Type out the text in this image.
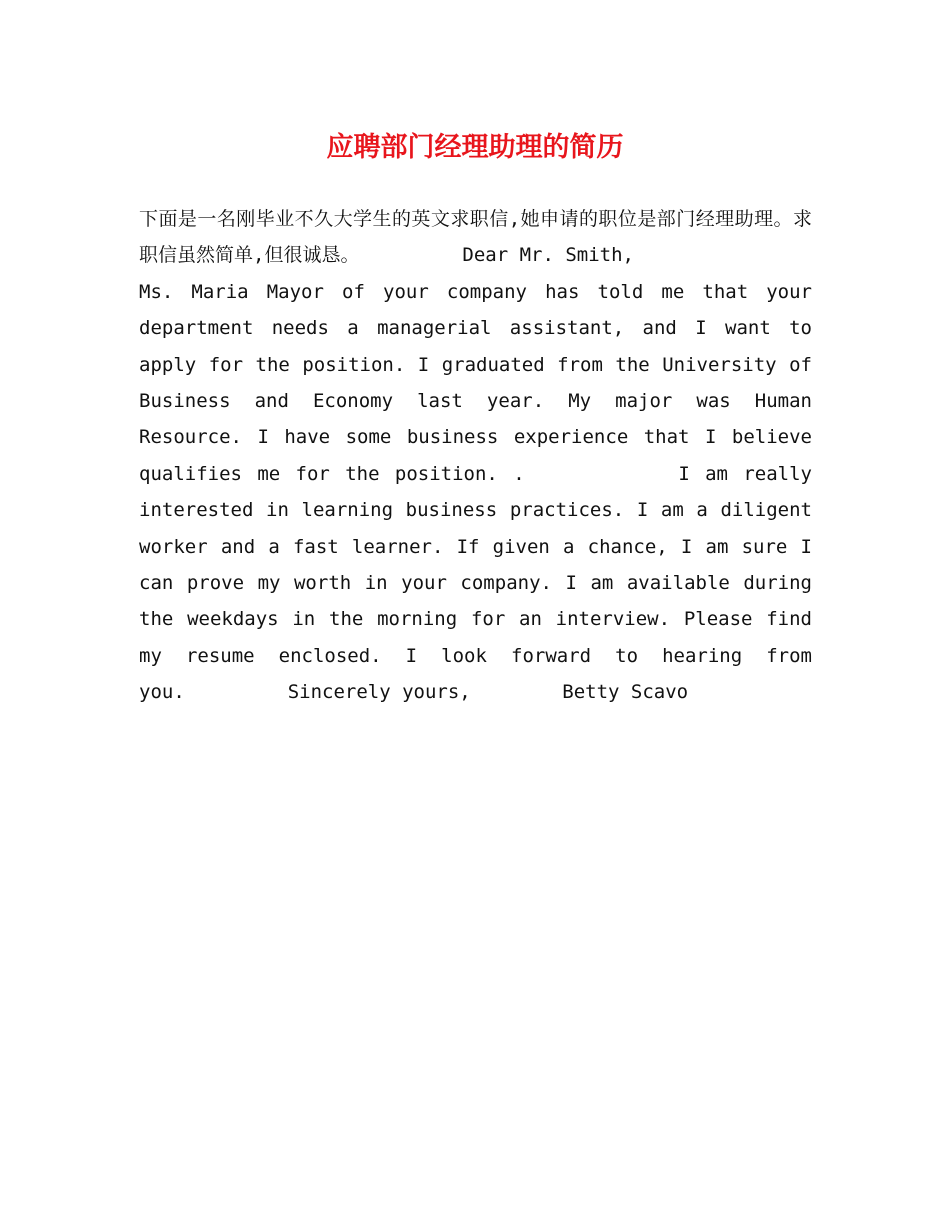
应聘部门经理助理的简历

下面是一名刚毕业不久大学生的英文求职信,她申请的职位是部门经理助理。求职信虽然简单,但很诚恳。	Dear Mr. Smith,
Ms. Maria Mayor of your company has told me that your department needs a managerial assistant, and I want to apply for the position. I graduated from the University of Business and Economy last year. My major was Human Resource. I have some business experience that I believe qualifies me for the position. .	I am really interested in learning business practices. I am a diligent worker and a fast learner. If given a chance, I am sure I can prove my worth in your company. I am available during the weekdays in the morning for an interview. Please find my resume enclosed. I look forward to hearing from you.	Sincerely yours,	Betty Scavo
